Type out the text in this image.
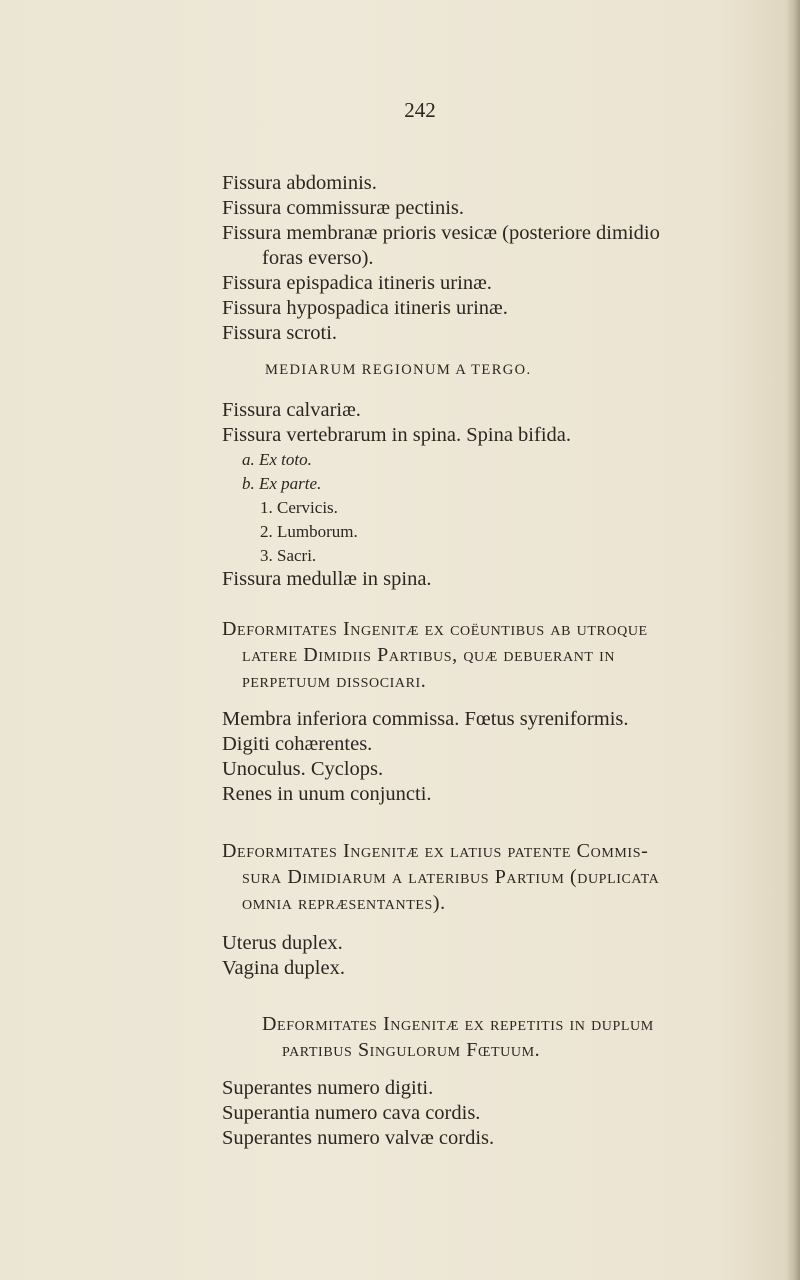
242
Fissura abdominis.
Fissura commissuræ pectinis.
Fissura membranæ prioris vesicæ (posteriore dimidio
foras everso).
Fissura epispadica itineris urinæ.
Fissura hypospadica itineris urinæ.
Fissura scroti.
MEDIARUM REGIONUM A TERGO.
Fissura calvariæ.
Fissura vertebrarum in spina. Spina bifida.
a. Ex toto.
b. Ex parte.
1. Cervicis.
2. Lumborum.
3. Sacri.
Fissura medullæ in spina.
Deformitates Ingenitæ ex coëuntibus ab utroque
latere Dimidiis Partibus, quæ debuerant in
perpetuum dissociari.
Membra inferiora commissa. Fœtus syreniformis.
Digiti cohærentes.
Unoculus. Cyclops.
Renes in unum conjuncti.
Deformitates Ingenitæ ex latius patente Commis-
sura Dimidiarum a lateribus Partium (duplicata
omnia repræsentantes).
Uterus duplex.
Vagina duplex.
Deformitates Ingenitæ ex repetitis in duplum
partibus Singulorum Fœtuum.
Superantes numero digiti.
Superantia numero cava cordis.
Superantes numero valvæ cordis.
